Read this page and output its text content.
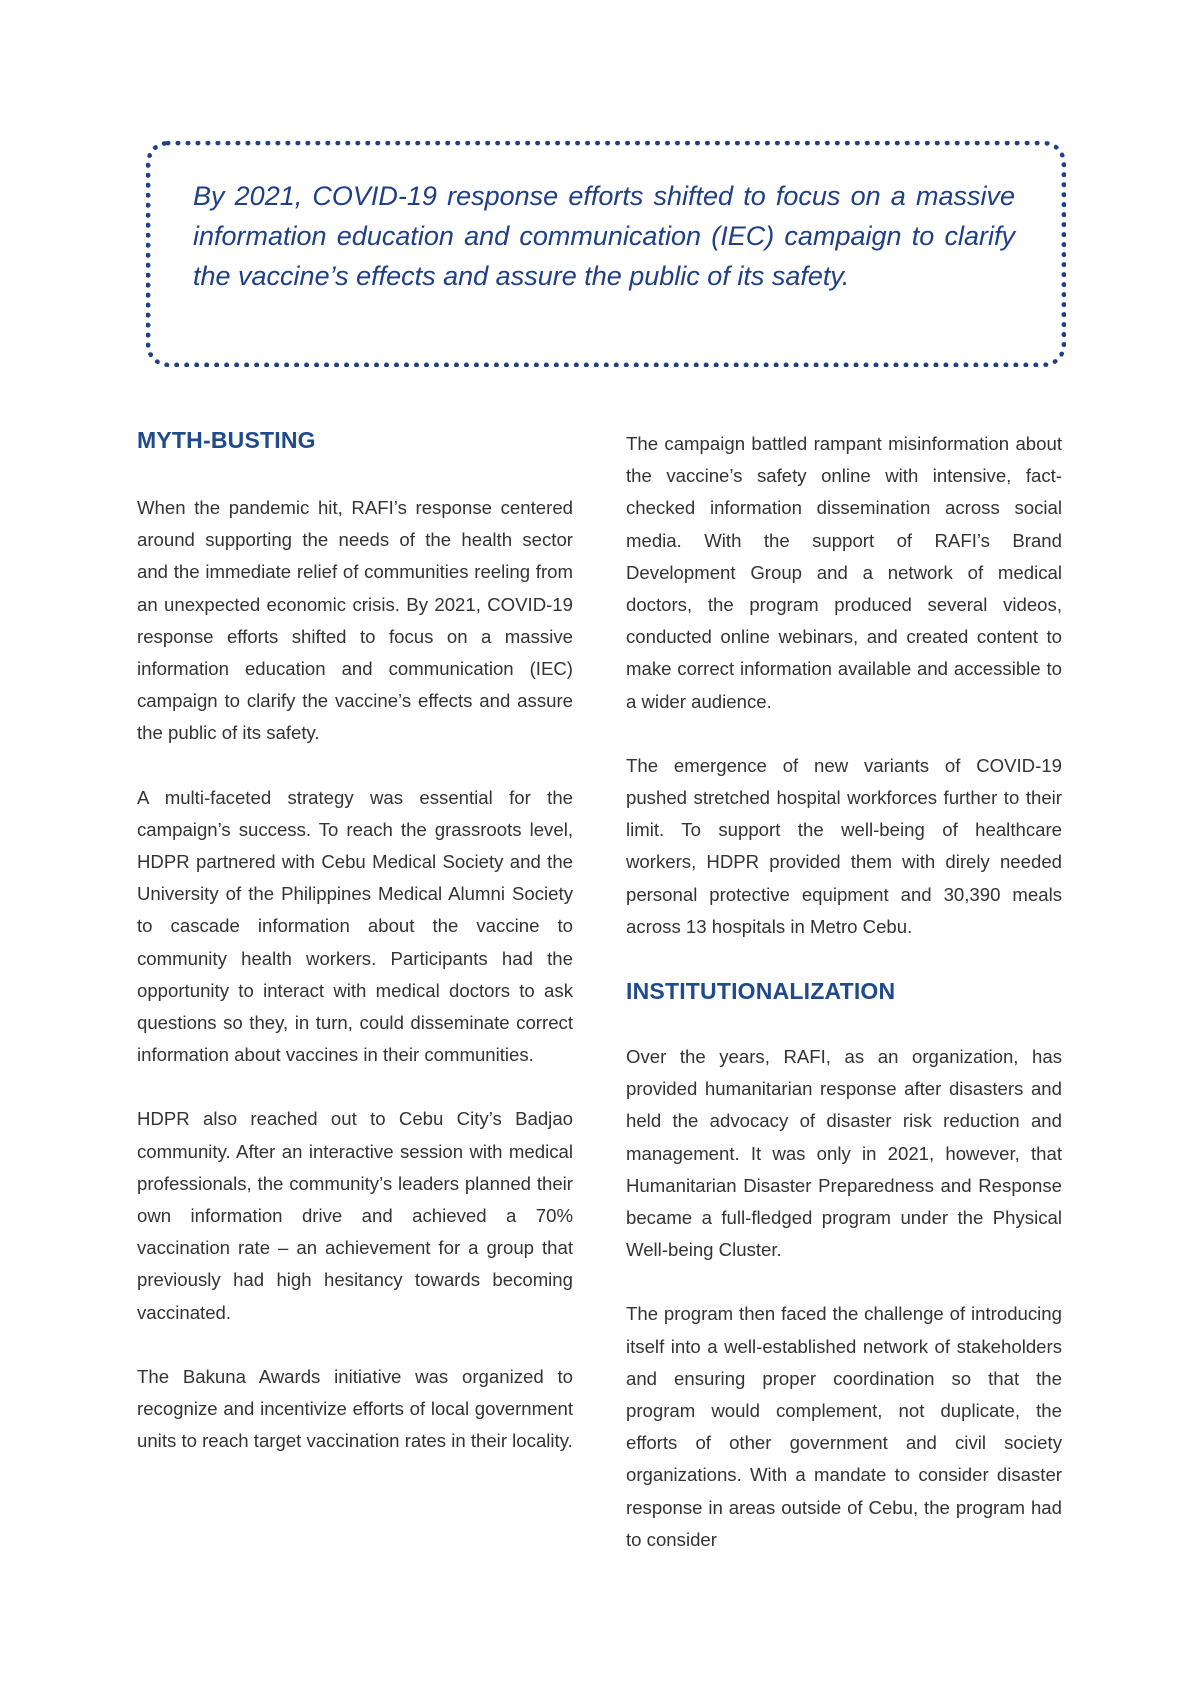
By 2021, COVID-19 response efforts shifted to focus on a massive information education and communication (IEC) campaign to clarify the vaccine’s effects and assure the public of its safety.

MYTH-BUSTING

When the pandemic hit, RAFI’s response centered around supporting the needs of the health sector and the immediate relief of communities reeling from an unexpected economic crisis. By 2021, COVID-19 response efforts shifted to focus on a massive information education and communication (IEC) campaign to clarify the vaccine’s effects and assure the public of its safety.

A multi-faceted strategy was essential for the campaign’s success. To reach the grassroots level, HDPR partnered with Cebu Medical Society and the University of the Philippines Medical Alumni Society to cascade information about the vaccine to community health workers. Participants had the opportunity to interact with medical doctors to ask questions so they, in turn, could disseminate correct information about vaccines in their communities.

HDPR also reached out to Cebu City’s Badjao community. After an interactive session with medical professionals, the community’s leaders planned their own information drive and achieved a 70% vaccination rate – an achievement for a group that previously had high hesitancy towards becoming vaccinated.

The Bakuna Awards initiative was organized to recognize and incentivize efforts of local government units to reach target vaccination rates in their locality.

The campaign battled rampant misinformation about the vaccine’s safety online with intensive, fact-checked information dissemination across social media. With the support of RAFI’s Brand Development Group and a network of medical doctors, the program produced several videos, conducted online webinars, and created content to make correct information available and accessible to a wider audience.

The emergence of new variants of COVID-19 pushed stretched hospital workforces further to their limit. To support the well-being of healthcare workers, HDPR provided them with direly needed personal protective equipment and 30,390 meals across 13 hospitals in Metro Cebu.

INSTITUTIONALIZATION

Over the years, RAFI, as an organization, has provided humanitarian response after disasters and held the advocacy of disaster risk reduction and management. It was only in 2021, however, that Humanitarian Disaster Preparedness and Response became a full-fledged program under the Physical Well-being Cluster.

The program then faced the challenge of introducing itself into a well-established network of stakeholders and ensuring proper coordination so that the program would complement, not duplicate, the efforts of other government and civil society organizations. With a mandate to consider disaster response in areas outside of Cebu, the program had to consider
